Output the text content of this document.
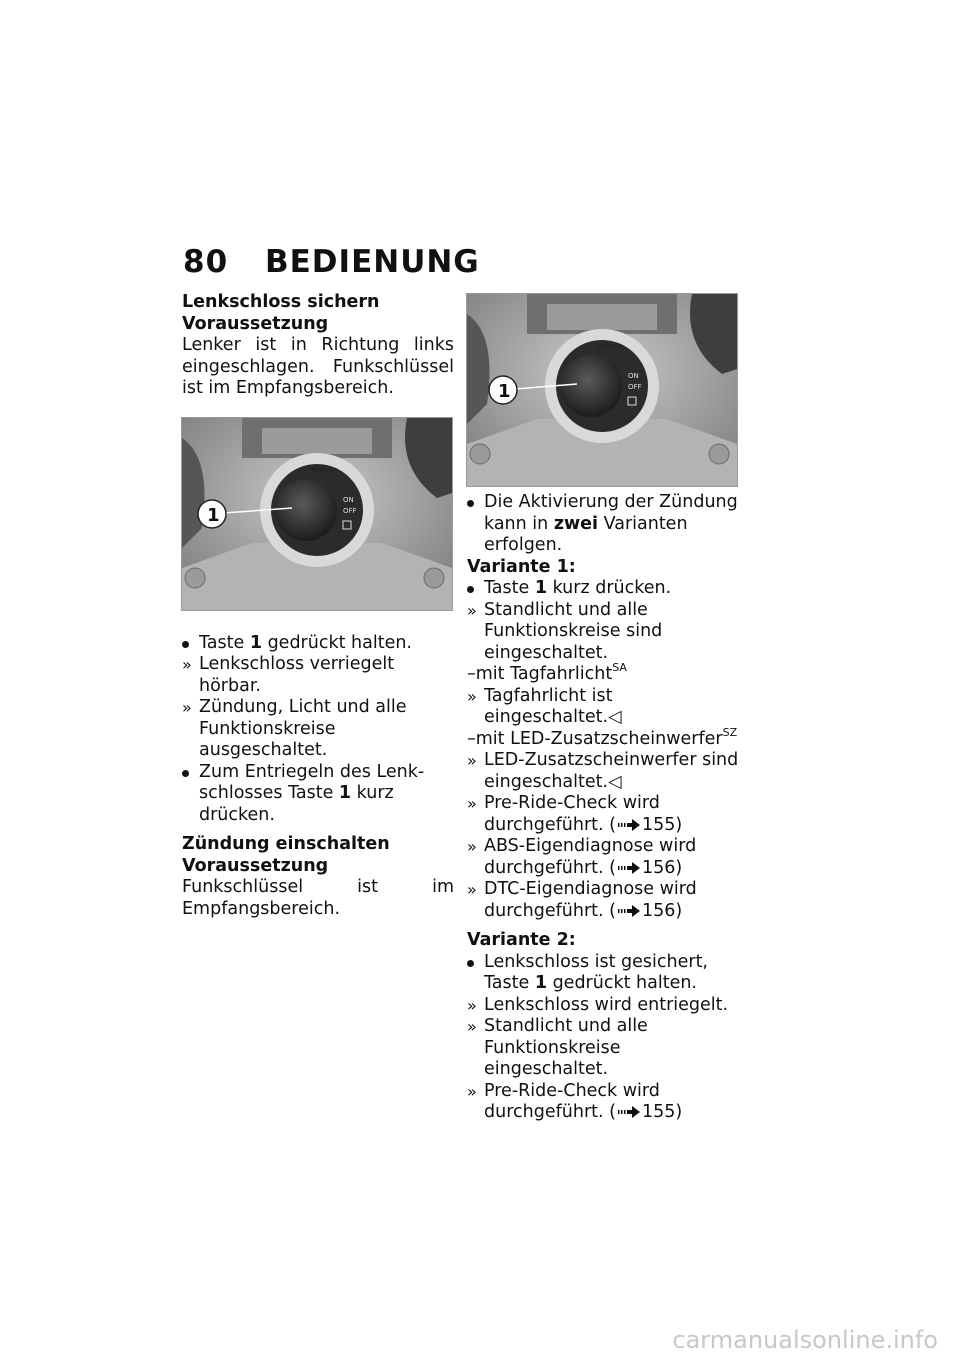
80 BEDIENUNG
POWER
ON
OFF
1
POWER
ON
OFF
1

Lenkschloss sichern

Voraussetzung

Lenker ist in Richtung links eingeschlagen. Funkschlüssel ist im Empfangsbereich.

Taste 1 gedrückt halten.
» Lenkschloss verriegelt hörbar.
» Zündung, Licht und alle Funktionskreise ausgeschaltet.
Zum Entriegeln des Lenkschlosses Taste 1 kurz drücken.

Zündung einschalten

Voraussetzung

Funkschlüssel ist im Empfangsbereich.

Die Aktivierung der Zündung kann in zwei Varianten erfolgen.

Variante 1:

Taste 1 kurz drücken.
» Standlicht und alle Funktionskreise sind eingeschaltet.
–mit Tagfahrlicht$^{SA}$
» Tagfahrlicht ist eingeschaltet.◁
–mit LED-Zusatzscheinwerfer$^{SZ}$
» LED-Zusatzscheinwerfer sind eingeschaltet.◁
» Pre-Ride-Check wird durchgeführt. ( 155)
» ABS-Eigendiagnose wird durchgeführt. ( 156)
» DTC-Eigendiagnose wird durchgeführt. ( 156)

Variante 2:

Lenkschloss ist gesichert, Taste 1 gedrückt halten.
» Lenkschloss wird entriegelt.
» Standlicht und alle Funktionskreise eingeschaltet.
» Pre-Ride-Check wird durchgeführt. ( 155)
carmanualsonline.info
